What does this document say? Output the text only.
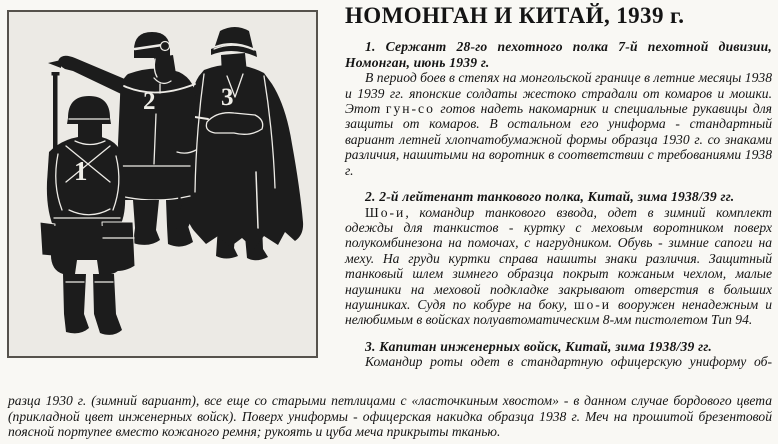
3
2
1
НОМОНГАН И КИТАЙ, 1939 г.

1. Сержант 28-го пехотного полка 7-й пехотной дивизии, Номонган, июнь 1939 г.

В период боев в степях на монгольской границе в летние месяцы 1938 и 1939 гг. японские солдаты жестоко страдали от комаров и мошки. Этот гун-со готов надеть накомарник и специальные рукавицы для защиты от комаров. В остальном его униформа - стандартный вариант летней хлопчатобумажной формы образца 1930 г. со знаками различия, нашитыми на воротник в соответствии с требованиями 1938 г.

2. 2-й лейтенант танкового полка, Китай, зима 1938/39 гг.

Шо-и, командир танкового взвода, одет в зимний комплект одежды для танкистов - куртку с меховым воротником поверх полукомбинезона на помочах, с нагрудником. Обувь - зимние сапоги на меху. На груди куртки справа нашиты знаки различия. Защитный танковый шлем зимнего образца покрыт кожаным чехлом, малые наушники на меховой подкладке закрывают отверстия в больших наушниках. Судя по кобуре на боку, шо-и вооружен ненадежным и нелюбимым в войсках полуавтоматическим 8-мм пистолетом Тип 94.

3. Капитан инженерных войск, Китай, зима 1938/39 гг.

Командир роты одет в стандартную офицерскую униформу об-

разца 1930 г. (зимний вариант), все еще со старыми петлицами с «ласточкиным хвостом» - в данном случае бордового цвета (прикладной цвет инженерных войск). Поверх униформы - офицерская накидка образца 1938 г. Меч на прошитой брезентовой поясной портупее вместо кожаного ремня; рукоять и цуба меча прикрыты тканью.
